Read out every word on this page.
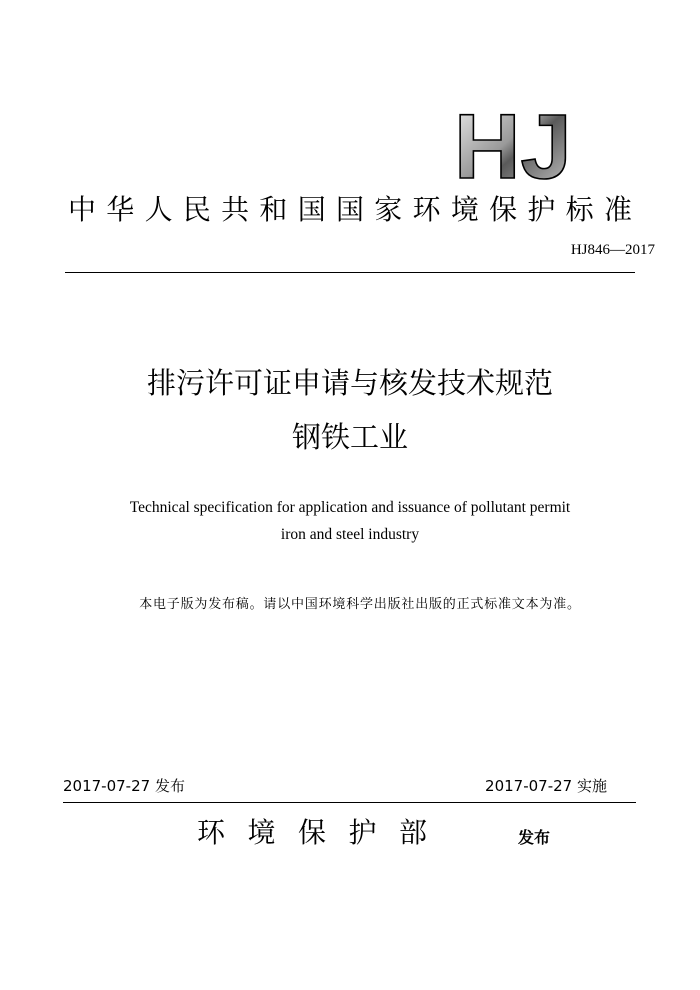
HJ
中 华 人 民 共 和 国 国 家 环 境 保 护 标 准
HJ846—2017
排污许可证申请与核发技术规范
钢铁工业
Technical specification for application and issuance of pollutant permit
iron and steel industry
本电子版为发布稿。请以中国环境科学出版社出版的正式标准文本为准。
2017-07-27 发布	2017-07-27 实施
环 境 保 护 部	发布
